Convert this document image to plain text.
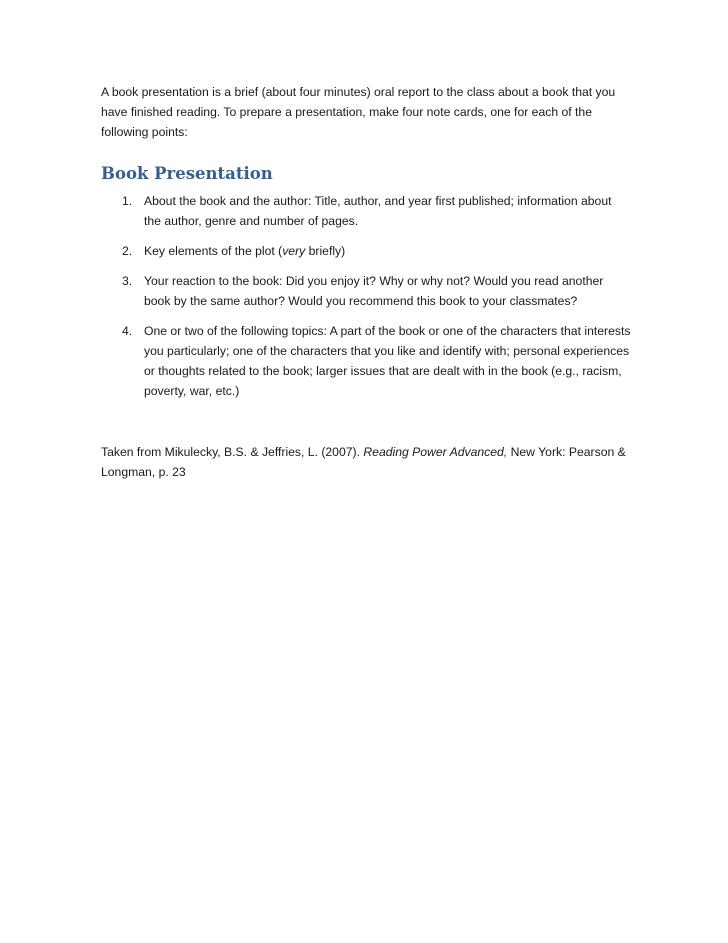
A book presentation is a brief (about four minutes) oral report to the class about a book that you have finished reading. To prepare a presentation, make four note cards, one for each of the following points:

Book Presentation
1. About the book and the author: Title, author, and year first published; information about the author, genre and number of pages.
2. Key elements of the plot (very briefly)
3. Your reaction to the book: Did you enjoy it? Why or why not? Would you read another book by the same author? Would you recommend this book to your classmates?
4. One or two of the following topics: A part of the book or one of the characters that interests you particularly; one of the characters that you like and identify with; personal experiences or thoughts related to the book; larger issues that are dealt with in the book (e.g., racism, poverty, war, etc.)

Taken from Mikulecky, B.S. & Jeffries, L. (2007). Reading Power Advanced, New York: Pearson & Longman, p. 23
